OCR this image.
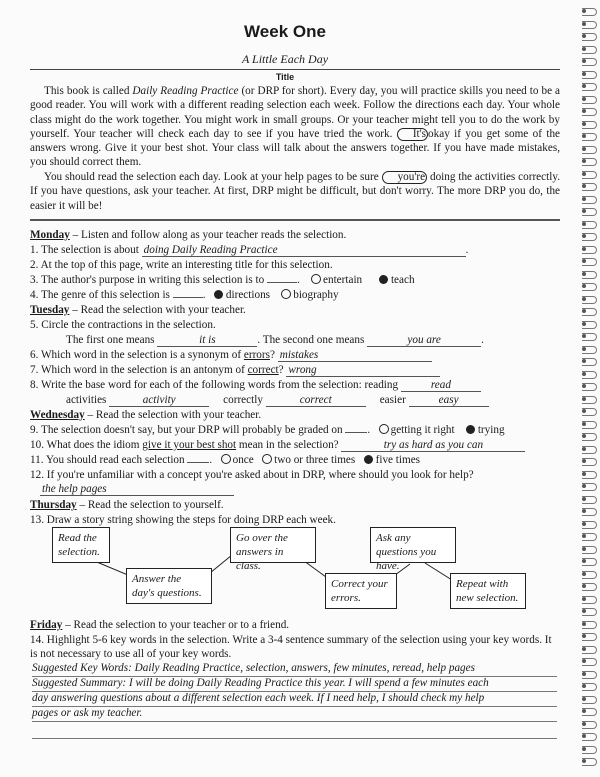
Week One
A Little Each Day
Title
This book is called Daily Reading Practice (or DRP for short). Every day, you will practice skills you need to be a good reader. You will work with a different reading selection each week. Follow the directions each day. Your whole class might do the work together. You might work in small groups. Or your teacher might tell you to do the work by yourself. Your teacher will check each day to see if you have tried the work. It's okay if you get some of the answers wrong. Give it your best shot. Your class will talk about the answers together. If you have made mistakes, you should correct them.
You should read the selection each day. Look at your help pages to be sure you're doing the activities correctly. If you have questions, ask your teacher. At first, DRP might be difficult, but don't worry. The more DRP you do, the easier it will be!
Monday – Listen and follow along as your teacher reads the selection.
1. The selection is about doing Daily Reading Practice	.
2. At the top of this page, write an interesting title for this selection.
3. The author's purpose in writing this selection is to	.    entertain	teach
4. The genre of this selection is	.   directions biography
Tuesday – Read the selection with your teacher.
5. Circle the contractions in the selection.
The first one means	it is	. The second one means	you are	.
6. Which word in the selection is a synonym of errors? mistakes
7. Which word in the selection is an antonym of correct? wrong
8. Write the base word for each of the following words from the selection: reading	read
activities	activity	correctly	correct	easier	easy
Wednesday – Read the selection with your teacher.
9. The selection doesn't say, but your DRP will probably be graded on .   getting it right trying
10. What does the idiom give it your best shot mean in the selection?	try as hard as you can
11. You should read each selection .   once two or three times five times
12. If you're unfamiliar with a concept you're asked about in DRP, where should you look for help?
the help pages
Thursday – Read the selection to yourself.
13. Draw a story string showing the steps for doing DRP each week.
Read the selection.
Answer the day's questions.
Go over the answers in class.
Correct your errors.
Ask any questions you have.
Repeat with new selection.
Friday – Read the selection to your teacher or to a friend.
14. Highlight 5-6 key words in the selection. Write a 3-4 sentence summary of the selection using your key words. It is not necessary to use all of your key words.
Suggested Key Words: Daily Reading Practice, selection, answers, few minutes, reread, help pages
Suggested Summary: I will be doing Daily Reading Practice this year. I will spend a few minutes each
day answering questions about a different selection each week. If I need help, I should check my help
pages or ask my teacher.
